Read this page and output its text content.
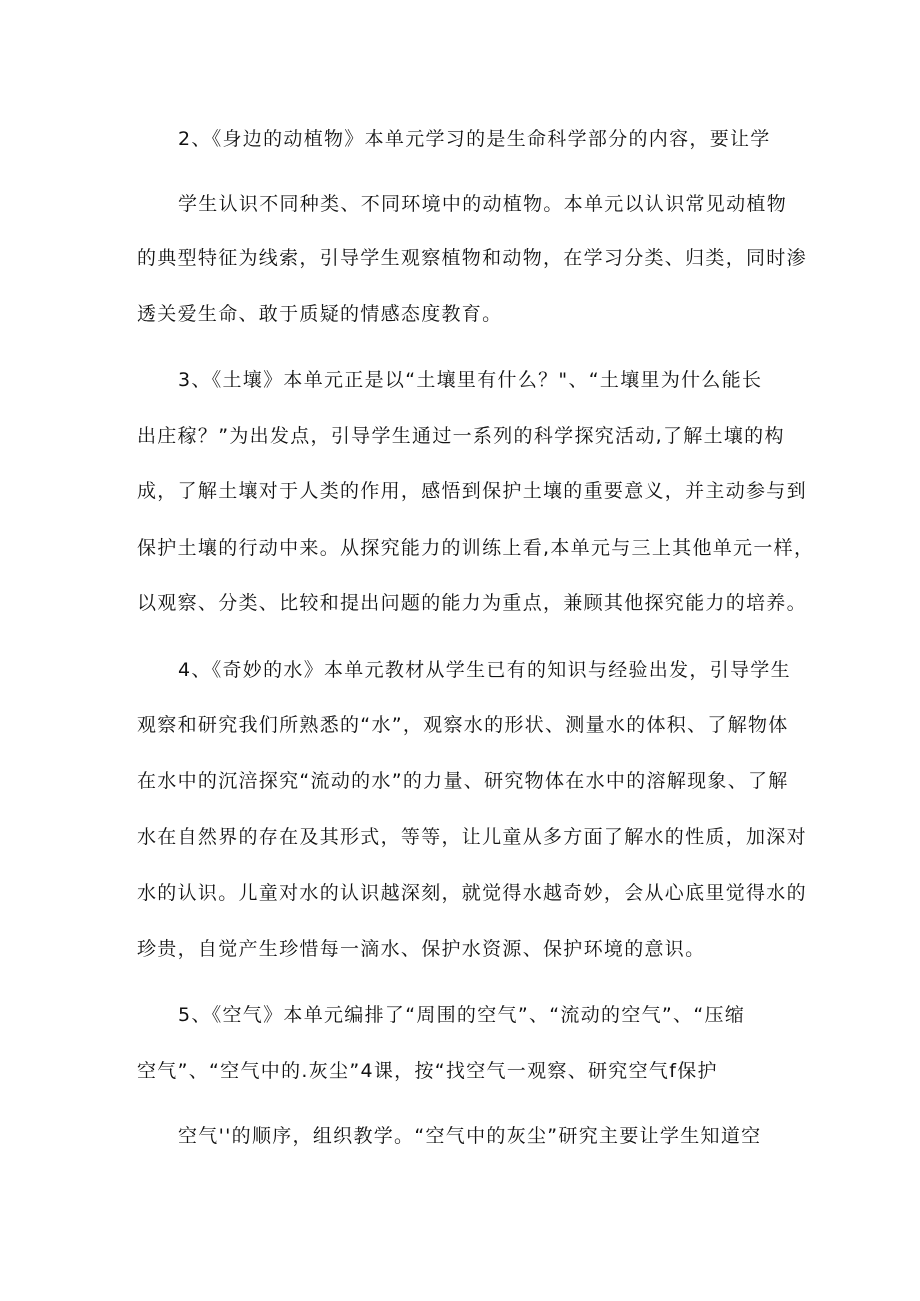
2、《身边的动植物》本单元学习的是生命科学部分的内容，要让学
学生认识不同种类、不同环境中的动植物。本单元以认识常见动植物
的典型特征为线索，引导学生观察植物和动物，在学习分类、归类，同时渗
透关爱生命、敢于质疑的情感态度教育。
3、《土壤》本单元正是以“土壤里有什么？"、“土壤里为什么能长
出庄稼？”为出发点，引导学生通过一系列的科学探究活动,了解土壤的构
成，了解土壤对于人类的作用，感悟到保护土壤的重要意义，并主动参与到
保护土壤的行动中来。从探究能力的训练上看,本单元与三上其他单元一样，
以观察、分类、比较和提出问题的能力为重点，兼顾其他探究能力的培养。
4、《奇妙的水》本单元教材从学生已有的知识与经验出发，引导学生
观察和研究我们所熟悉的“水”，观察水的形状、测量水的体积、了解物体
在水中的沉涪探究“流动的水”的力量、研究物体在水中的溶解现象、了解
水在自然界的存在及其形式，等等，让儿童从多方面了解水的性质，加深对
水的认识。儿童对水的认识越深刻，就觉得水越奇妙，会从心底里觉得水的
珍贵，自觉产生珍惜每一滴水、保护水资源、保护环境的意识。
5、《空气》本单元编排了“周围的空气”、“流动的空气”、“压缩
空气”、“空气中的.灰尘”4课，按“找空气一观察、研究空气f保护
空气''的顺序，组织教学。“空气中的灰尘”研究主要让学生知道空
